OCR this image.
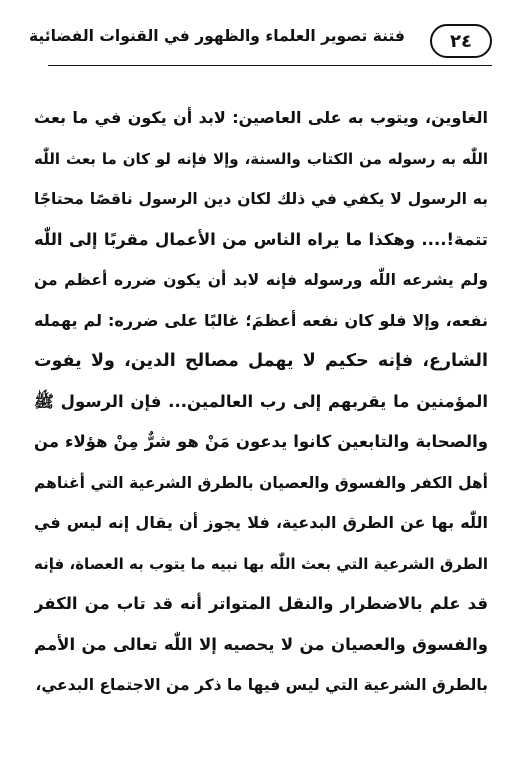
٢٤
فتنة تصوير العلماء والظهور في القنوات الفضائية
الغاوين، ويتوب به على العاصين: لابد أن يكون في ما بعث
اللّٰه به رسوله من الكتاب والسنة، وإلا فإنه لو كان ما بعث اللّٰه
به الرسول لا يكفي في ذلك لكان دين الرسول ناقصًا محتاجًا
تتمة!.... وهكذا ما يراه الناس من الأعمال مقربًا إلى اللّٰه
ولم يشرعه اللّٰه ورسوله فإنه لابد أن يكون ضرره أعظم من
نفعه، وإلا فلو كان نفعه أعظمَ؛ غالبًا على ضرره: لم يهمله
الشارع، فإنه حكيم لا يهمل مصالح الدين، ولا يفوت
المؤمنين ما يقربهم إلى رب العالمين... فإن الرسول ﷺ
والصحابة والتابعين كانوا يدعون مَنْ هو شرٌّ مِنْ هؤلاء من
أهل الكفر والفسوق والعصيان بالطرق الشرعية التي أغناهم
اللّٰه بها عن الطرق البدعية، فلا يجوز أن يقال إنه ليس في
الطرق الشرعية التي بعث اللّٰه بها نبيه ما يتوب به العصاة، فإنه
قد علم بالاضطرار والنقل المتواتر أنه قد تاب من الكفر
والفسوق والعصيان من لا يحصيه إلا اللّٰه تعالى من الأمم
بالطرق الشرعية التي ليس فيها ما ذكر من الاجتماع البدعي،
